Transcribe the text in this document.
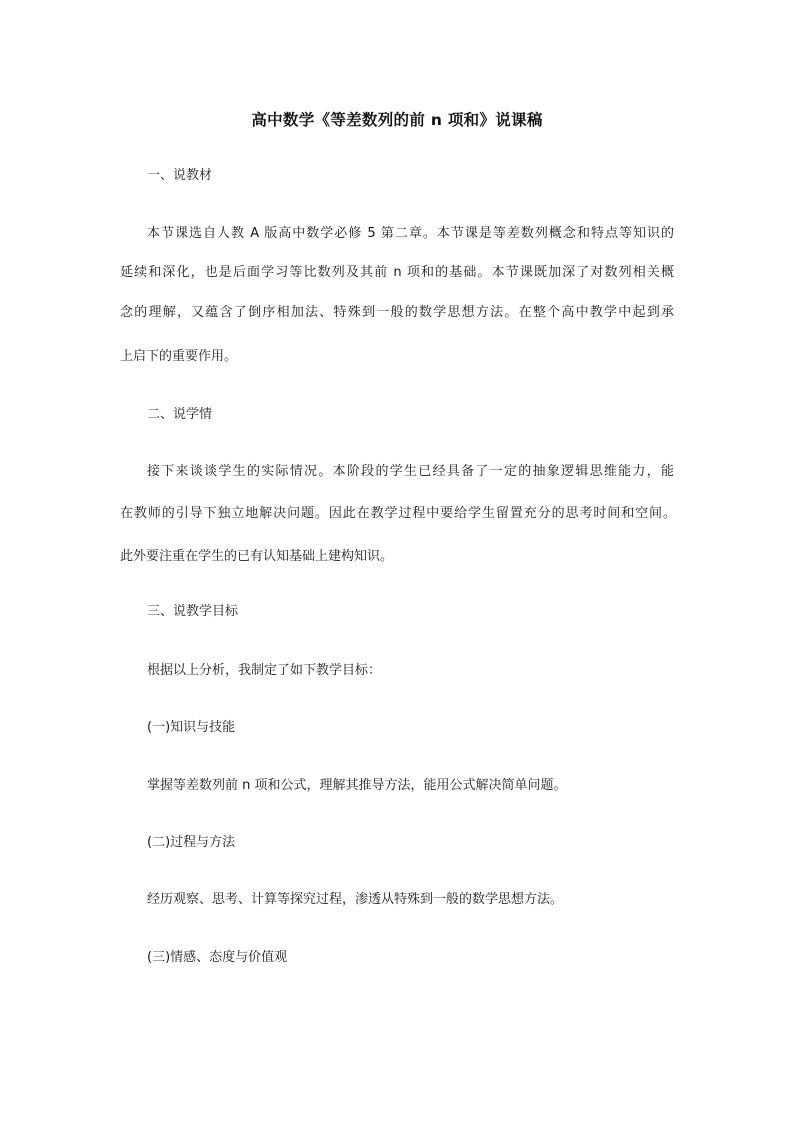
高中数学《等差数列的前 n 项和》说课稿
一、说教材
本节课选自人教 A 版高中数学必修 5 第二章。本节课是等差数列概念和特点等知识的
延续和深化，也是后面学习等比数列及其前 n 项和的基础。本节课既加深了对数列相关概
念的理解，又蕴含了倒序相加法、特殊到一般的数学思想方法。在整个高中教学中起到承
上启下的重要作用。
二、说学情
接下来谈谈学生的实际情况。本阶段的学生已经具备了一定的抽象逻辑思维能力，能
在教师的引导下独立地解决问题。因此在教学过程中要给学生留置充分的思考时间和空间。
此外要注重在学生的已有认知基础上建构知识。
三、说教学目标
根据以上分析，我制定了如下教学目标：
(一)知识与技能
掌握等差数列前 n 项和公式，理解其推导方法，能用公式解决简单问题。
(二)过程与方法
经历观察、思考、计算等探究过程，渗透从特殊到一般的数学思想方法。
(三)情感、态度与价值观
